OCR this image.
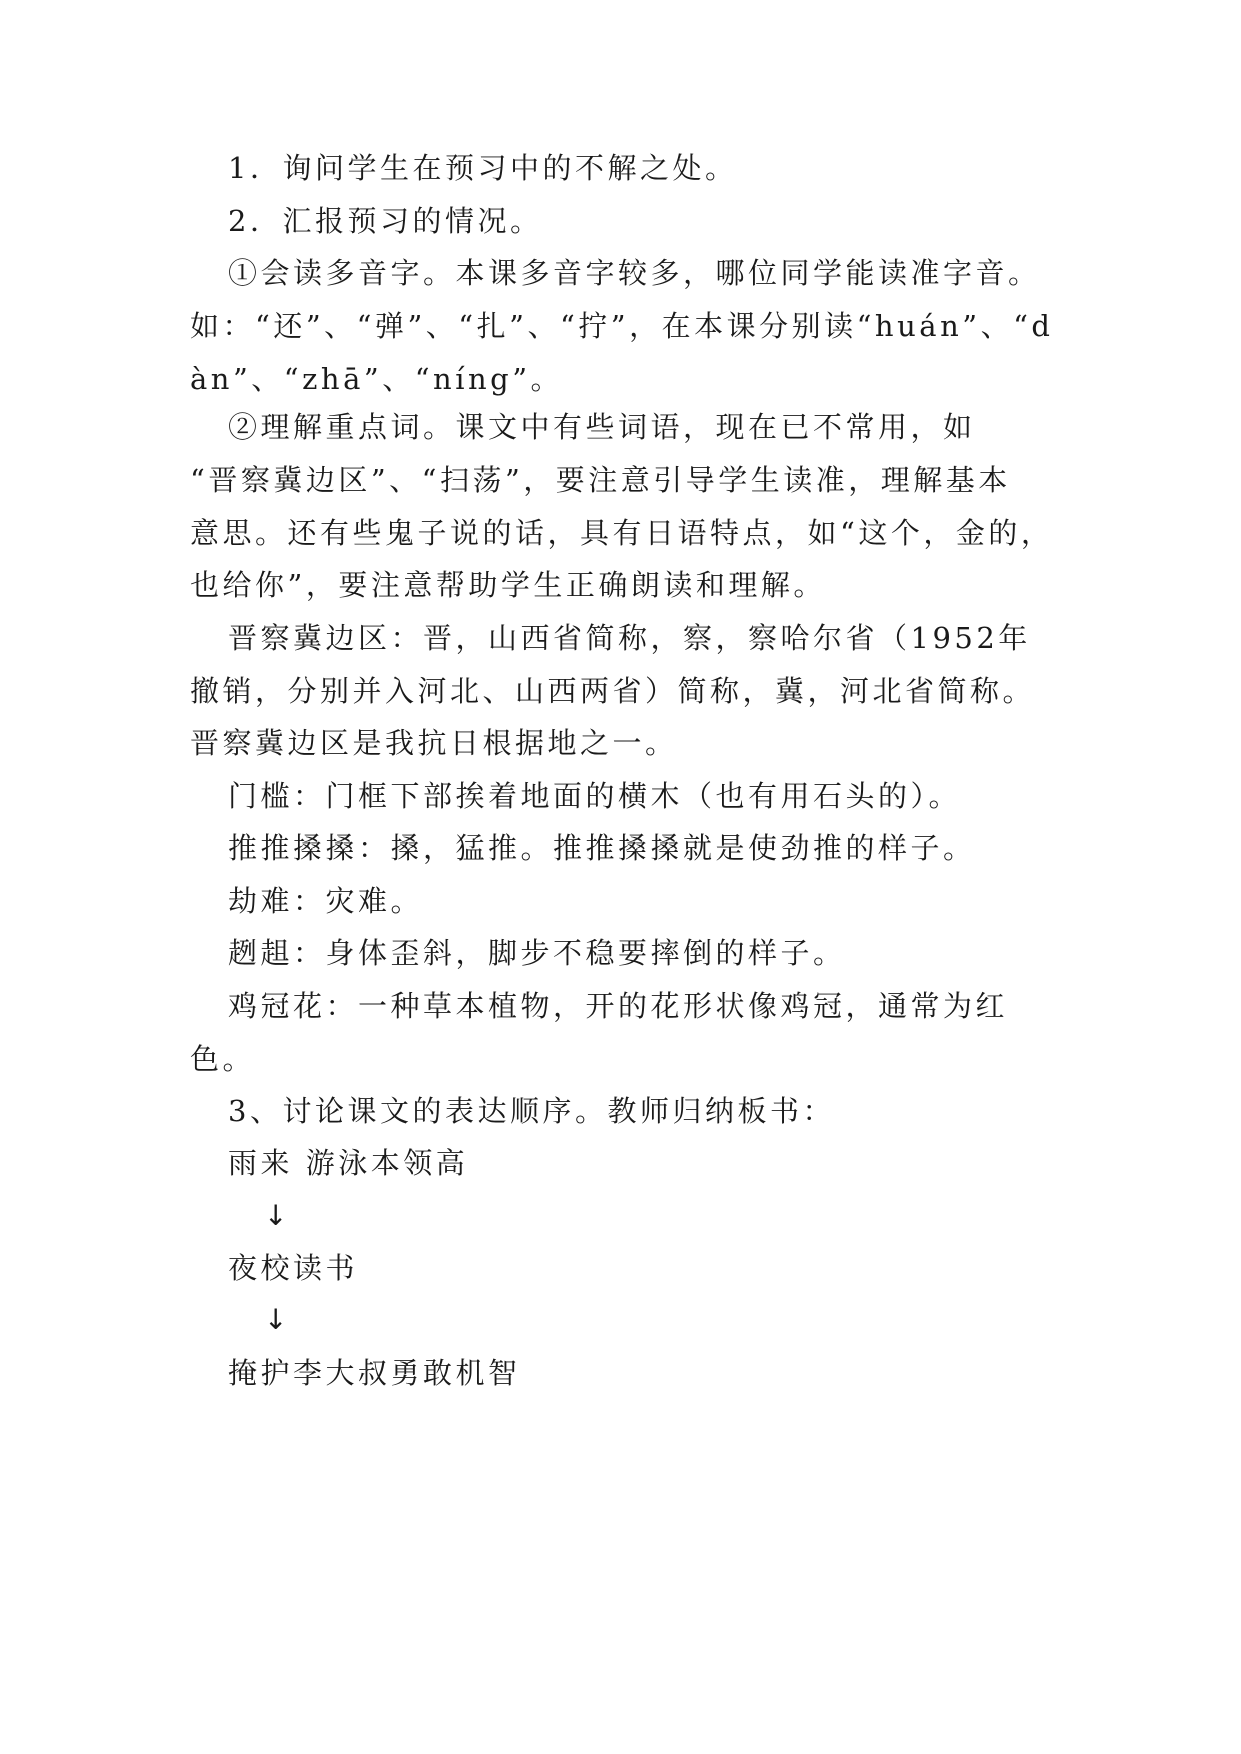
1．询问学生在预习中的不解之处。
2．汇报预习的情况。
①会读多音字。本课多音字较多，哪位同学能读准字音。
如：“还”、“弹”、“扎”、“拧”，在本课分别读“huán”、“d
àn”、“zhā”、“níng”。
②理解重点词。课文中有些词语，现在已不常用，如
“晋察冀边区”、“扫荡”，要注意引导学生读准，理解基本
意思。还有些鬼子说的话，具有日语特点，如“这个，金的，
也给你”，要注意帮助学生正确朗读和理解。
晋察冀边区：晋，山西省简称，察，察哈尔省（1952年
撤销，分别并入河北、山西两省）简称，冀，河北省简称。
晋察冀边区是我抗日根据地之一。
门槛：门框下部挨着地面的横木（也有用石头的）。
推推搡搡：搡，猛推。推推搡搡就是使劲推的样子。
劫难：灾难。
趔趄：身体歪斜，脚步不稳要摔倒的样子。
鸡冠花：一种草本植物，开的花形状像鸡冠，通常为红
色。
3、讨论课文的表达顺序。教师归纳板书：
雨来 游泳本领高
↓
夜校读书
↓
掩护李大叔勇敢机智
